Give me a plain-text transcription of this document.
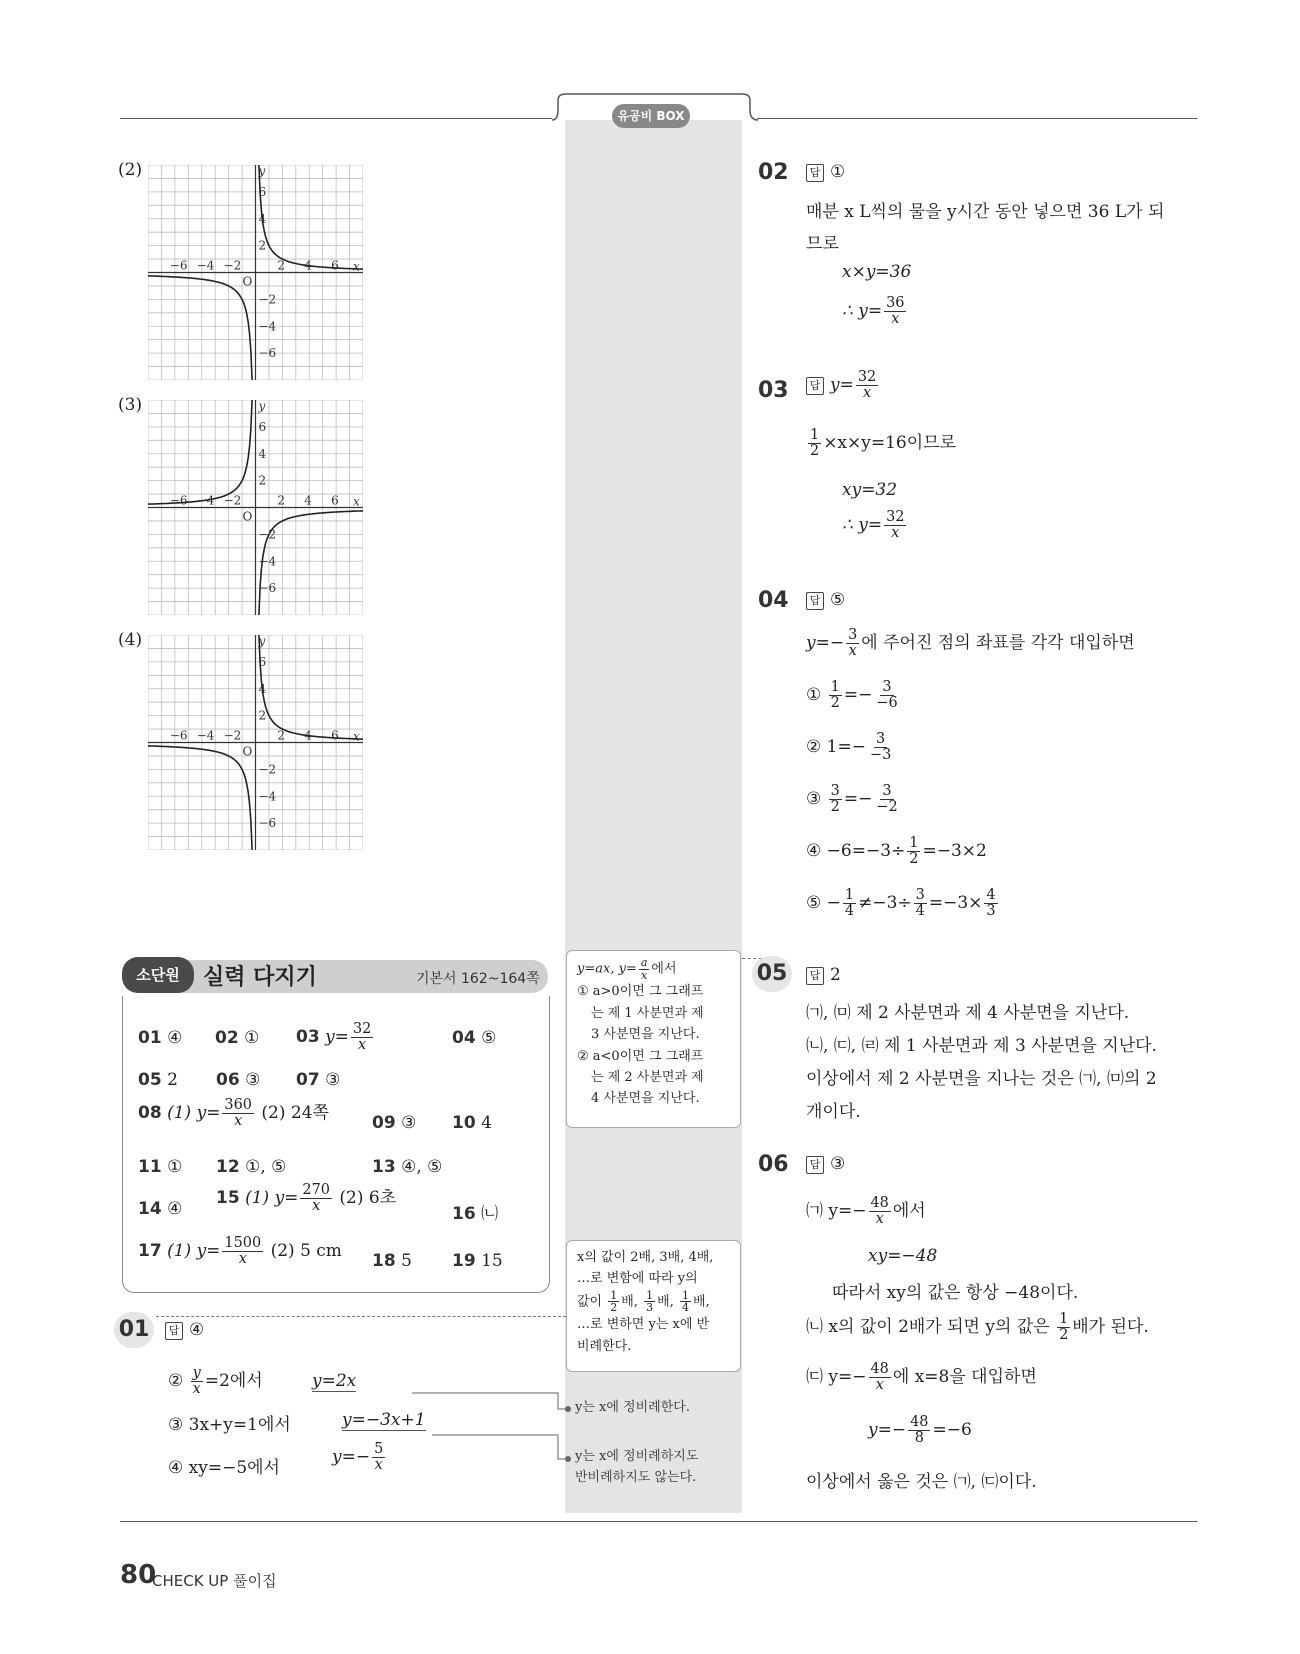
유공비 BOX
(2)
−6 −4 −2	2 4 6
6
4
2
−2
−4
−6
O
x
y
(3)
−6 −4 −2	2 4 6
6
4
2
−2
−4
−6
O
x
y
(4)
−6 −4 −2	2 4 6
6
4
2
−2
−4
−6
O
x
y
소단원	실력 다지기	기본서 162~164쪽
01 ④ 02 ① 03 $y= \frac{32}{x}$	04 ⑤
05 2 06 ③ 07 ③
08 (1) $y= \frac{360}{x} (2)$ 24쪽	09 ③ 10 4
11 ① 12 ①, ⑤	13 ④, ⑤
14 ④
15 (1) $y= \frac{270}{x} (2)$ 6초
16 ㈁
17 (1) $y= \frac{1500}{x} (2)$ 5 cm 18 5 19 15
01	답 ④
② $\frac{y}{x} =2$에서	y=2x
③ 3x+y=1에서	y=−3x+1
④ xy=−5에서
$y=- \frac{5}{x}$
y=ax, $y= \frac{a}{x}$ 에서
① a>0이면 그 그래프
는 제 1 사분면과 제
3 사분면을 지난다.
② a<0이면 그 그래프
는 제 2 사분면과 제
4 사분면을 지난다.
x의 값이 2배, 3배, 4배,
…로 변함에 따라 y의
값이 $\frac{1}{2}$ 배, $\frac{1}{3}$ 배, $\frac{1}{4}$ 배,
…로 변하면 y는 x에 반
비례한다.
y는 x에 정비례한다.
y는 x에 정비례하지도
반비례하지도 않는다.
02	답 ①
매분 x L씩의 물을 y시간 동안 넣으면 36 L가 되
므로
x×y=36
∴ $y= \frac{36}{x}$
03	답 $y= \frac{32}{x}$
$\frac{1}{2} \times x\times y=16$이므로
xy=32
∴ $y= \frac{32}{x}$
04	답 ⑤
$y=- \frac{3}{x}$ 에 주어진 점의 좌표를 각각 대입하면
① $\frac{1}{2} =- \frac{3}{-6}$
② $1=- \frac{3}{-3}$
③ $\frac{3}{2} =- \frac{3}{-2}$
④ $-6=-3\div \frac{1}{2} =-3\times 2$
⑤ − $\frac{1}{4} \ne-3\div \frac{3}{4} =-3\times \frac{4}{3}$
05	답 2
㈀, ㈄ 제 2 사분면과 제 4 사분면을 지난다.
㈁, ㈂, ㈃ 제 1 사분면과 제 3 사분면을 지난다.
이상에서 제 2 사분면을 지나는 것은 ㈀, ㈄의 2
개이다.
06	답 ③
㈀ $y=- \frac{48}{x}$ 에서
xy=−48
따라서 xy의 값은 항상 −48이다.
㈁ x의 값이 2배가 되면 y의 값은 $\frac{1}{2}$ 배가 된다.
㈂ $y=- \frac{48}{x}$ 에 x=8을 대입하면
$y=- \frac{48}{8} =-6$
이상에서 옳은 것은 ㈀, ㈂이다.
80
CHECK UP 풀이집
